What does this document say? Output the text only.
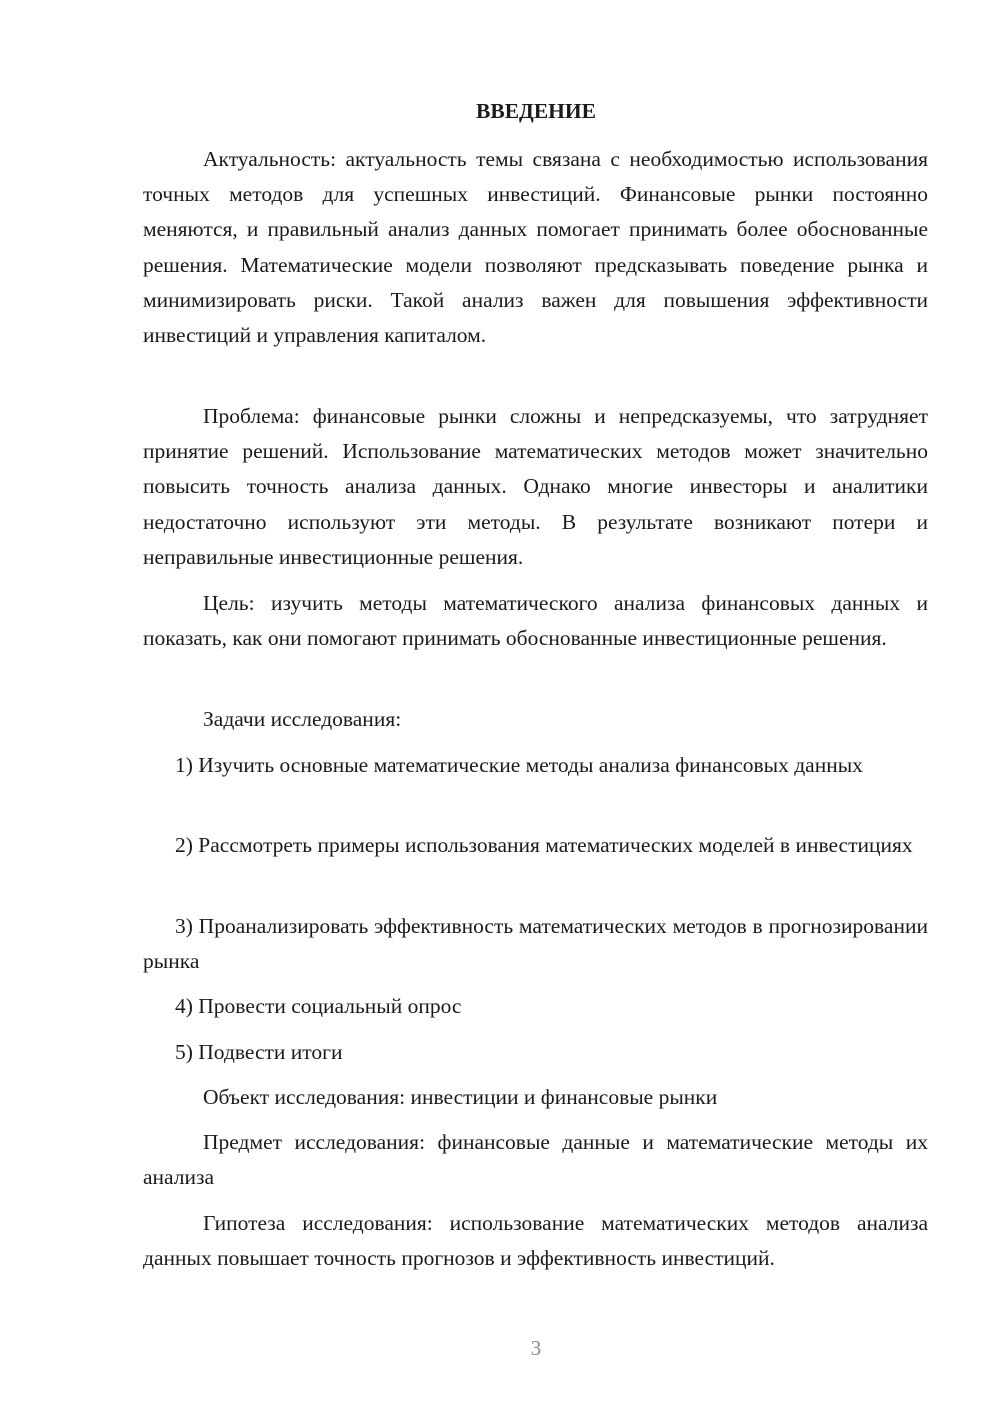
ВВЕДЕНИЕ

Актуальность: актуальность темы связана с необходимостью использования точных методов для успешных инвестиций. Финансовые рынки постоянно меняются, и правильный анализ данных помогает принимать более обоснованные решения. Математические модели позволяют предсказывать поведение рынка и минимизировать риски. Такой анализ важен для повышения эффективности инвестиций и управления капиталом.

Проблема: финансовые рынки сложны и непредсказуемы, что затрудняет принятие решений. Использование математических методов может значительно повысить точность анализа данных. Однако многие инвесторы и аналитики недостаточно используют эти методы. В результате возникают потери и неправильные инвестиционные решения.

Цель: изучить методы математического анализа финансовых данных и показать, как они помогают принимать обоснованные инвестиционные решения.

Задачи исследования:

1) Изучить основные математические методы анализа финансовых данных

2) Рассмотреть примеры использования математических моделей в инвестициях

3) Проанализировать эффективность математических методов в прогнозировании рынка

4) Провести социальный опрос

5) Подвести итоги

Объект исследования: инвестиции и финансовые рынки

Предмет исследования: финансовые данные и математические методы их анализа

Гипотеза исследования: использование математических методов анализа данных повышает точность прогнозов и эффективность инвестиций.

3
